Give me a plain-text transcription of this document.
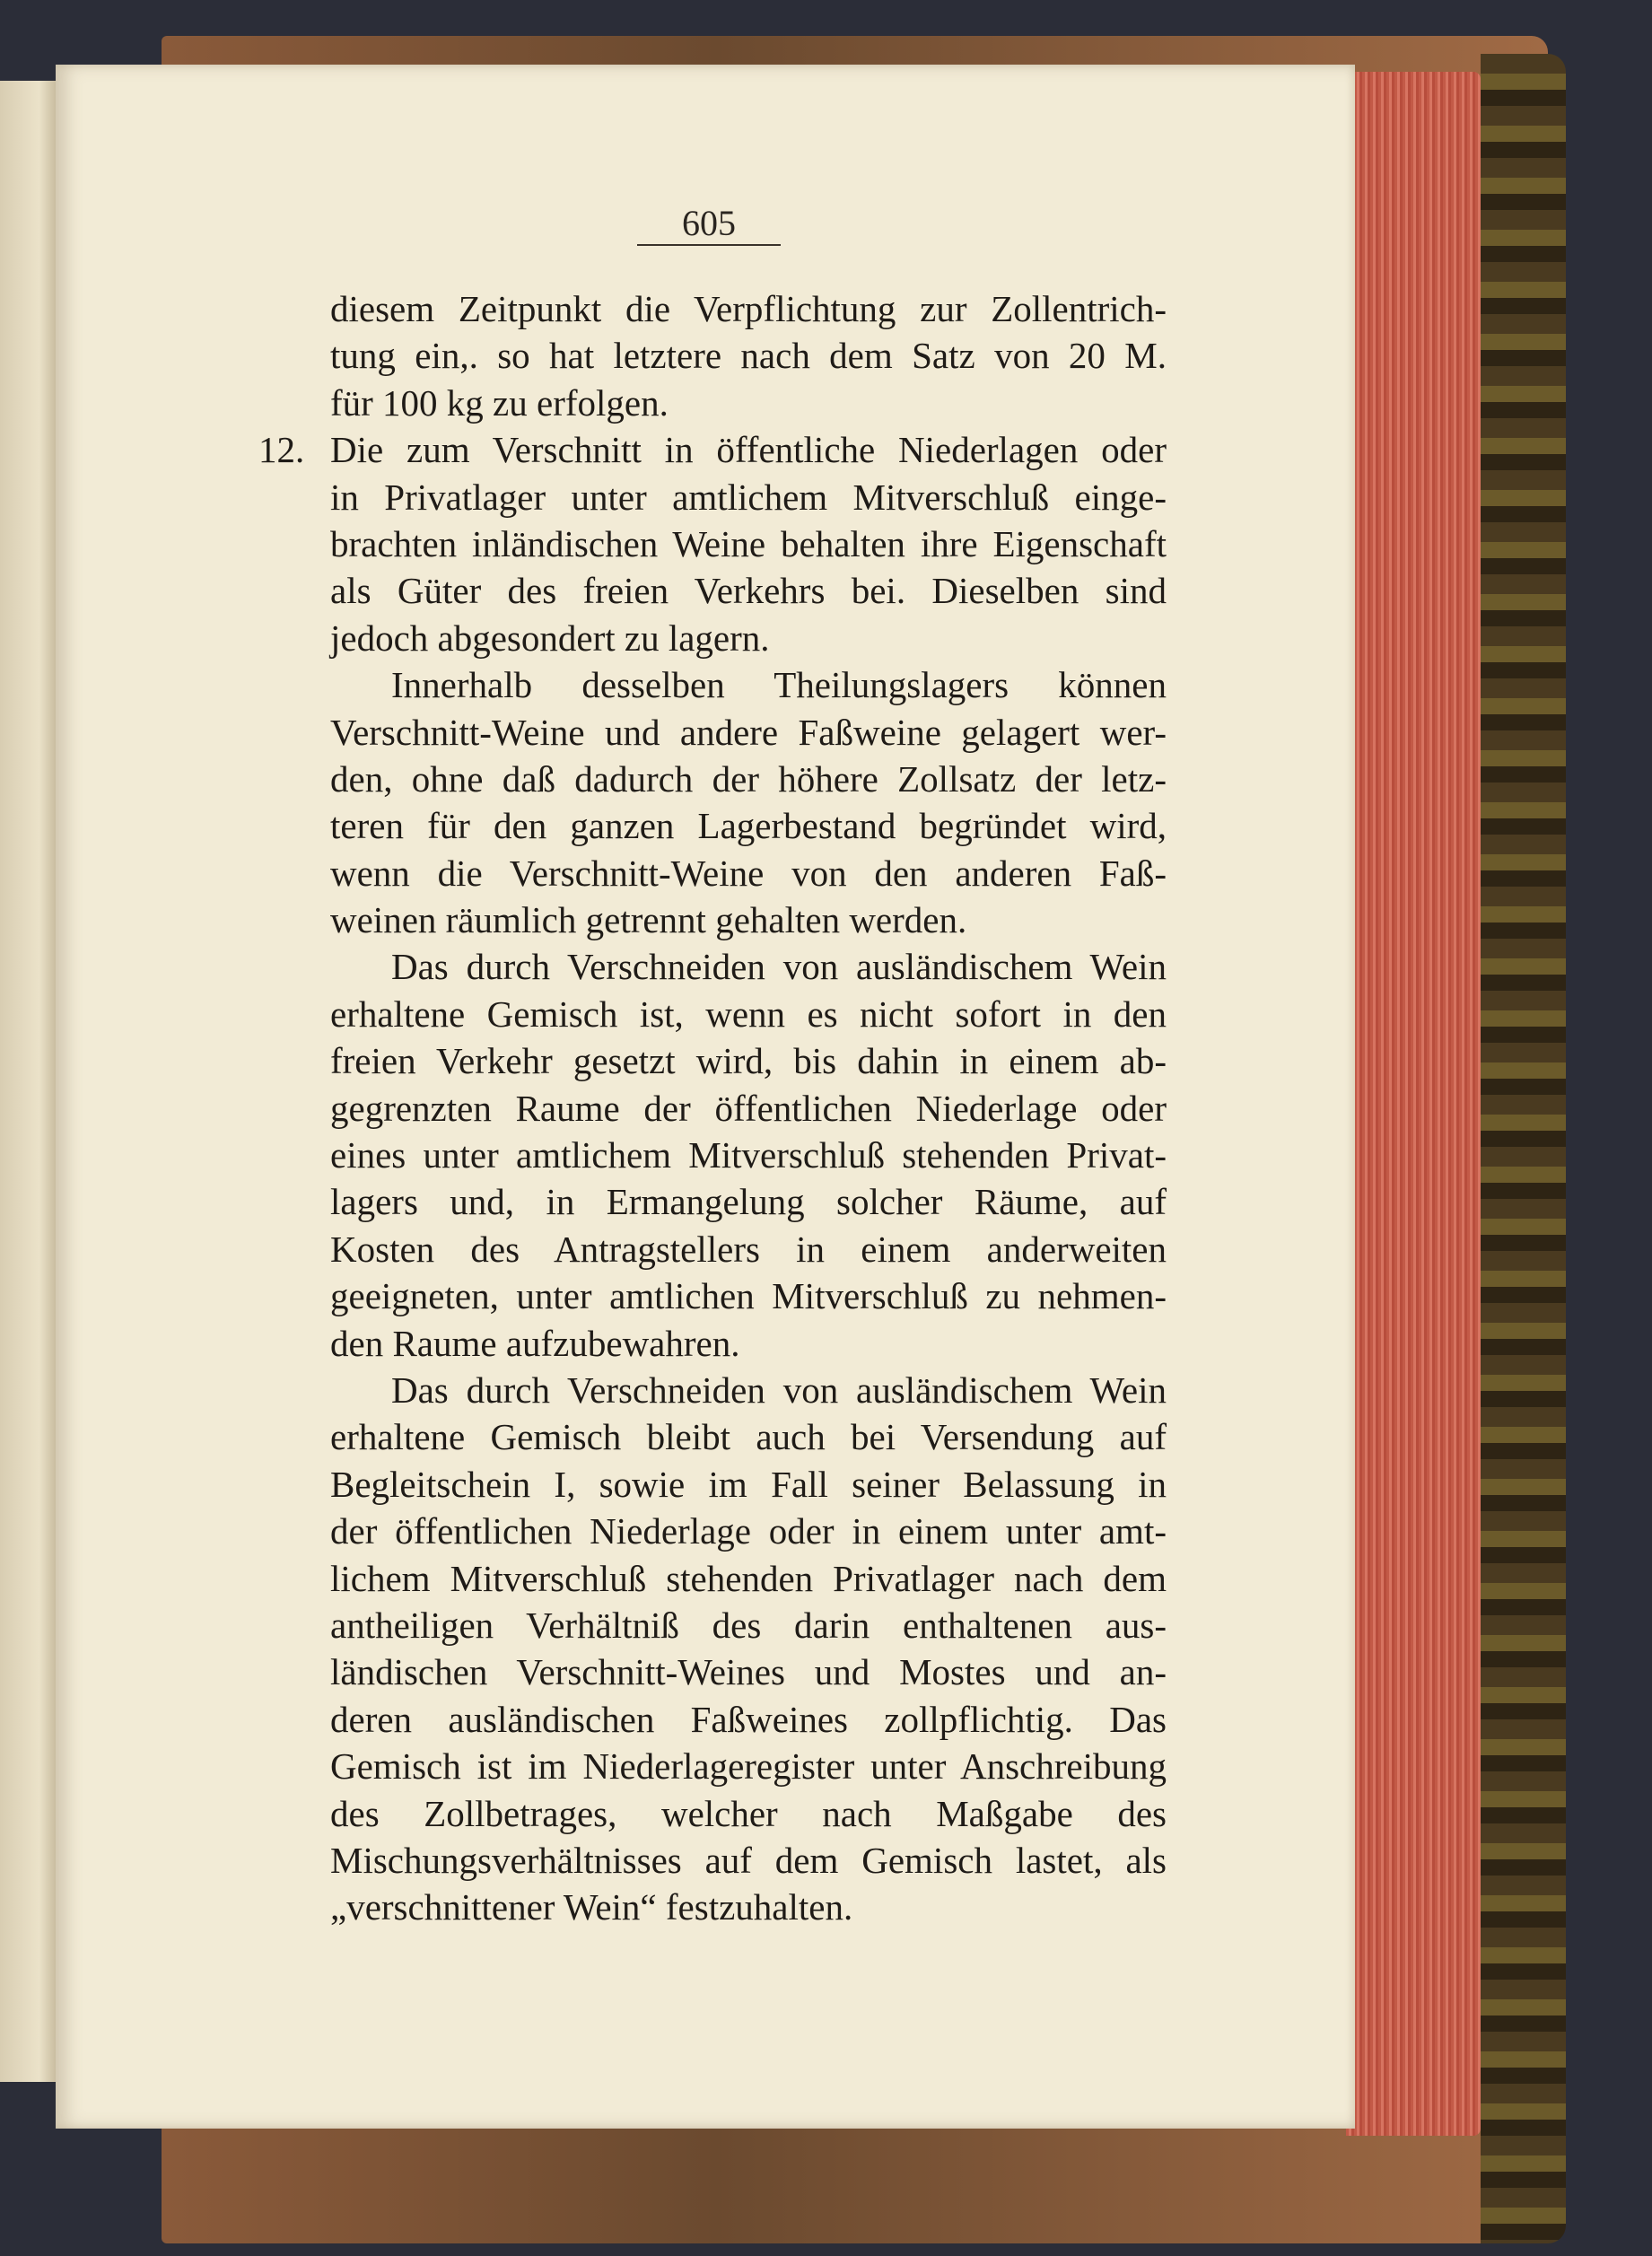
605
diesem Zeitpunkt die Verpflichtung zur Zollentrich-
tung ein,. so hat letztere nach dem Satz von 20 M.
für 100 kg zu erfolgen.
12. Die zum Verschnitt in öffentliche Niederlagen oder
in Privatlager unter amtlichem Mitverschluß einge-
brachten inländischen Weine behalten ihre Eigenschaft
als Güter des freien Verkehrs bei. Dieselben sind
jedoch abgesondert zu lagern.
Innerhalb desselben Theilungslagers können
Verschnitt-Weine und andere Faßweine gelagert wer-
den, ohne daß dadurch der höhere Zollsatz der letz-
teren für den ganzen Lagerbestand begründet wird,
wenn die Verschnitt-Weine von den anderen Faß-
weinen räumlich getrennt gehalten werden.
Das durch Verschneiden von ausländischem Wein
erhaltene Gemisch ist, wenn es nicht sofort in den
freien Verkehr gesetzt wird, bis dahin in einem ab-
gegrenzten Raume der öffentlichen Niederlage oder
eines unter amtlichem Mitverschluß stehenden Privat-
lagers und, in Ermangelung solcher Räume, auf
Kosten des Antragstellers in einem anderweiten
geeigneten, unter amtlichen Mitverschluß zu nehmen-
den Raume aufzubewahren.
Das durch Verschneiden von ausländischem Wein
erhaltene Gemisch bleibt auch bei Versendung auf
Begleitschein I, sowie im Fall seiner Belassung in
der öffentlichen Niederlage oder in einem unter amt-
lichem Mitverschluß stehenden Privatlager nach dem
antheiligen Verhältniß des darin enthaltenen aus-
ländischen Verschnitt-Weines und Mostes und an-
deren ausländischen Faßweines zollpflichtig. Das
Gemisch ist im Niederlageregister unter Anschreibung
des Zollbetrages, welcher nach Maßgabe des
Mischungsverhältnisses auf dem Gemisch lastet, als
„verschnittener Wein“ festzuhalten.
